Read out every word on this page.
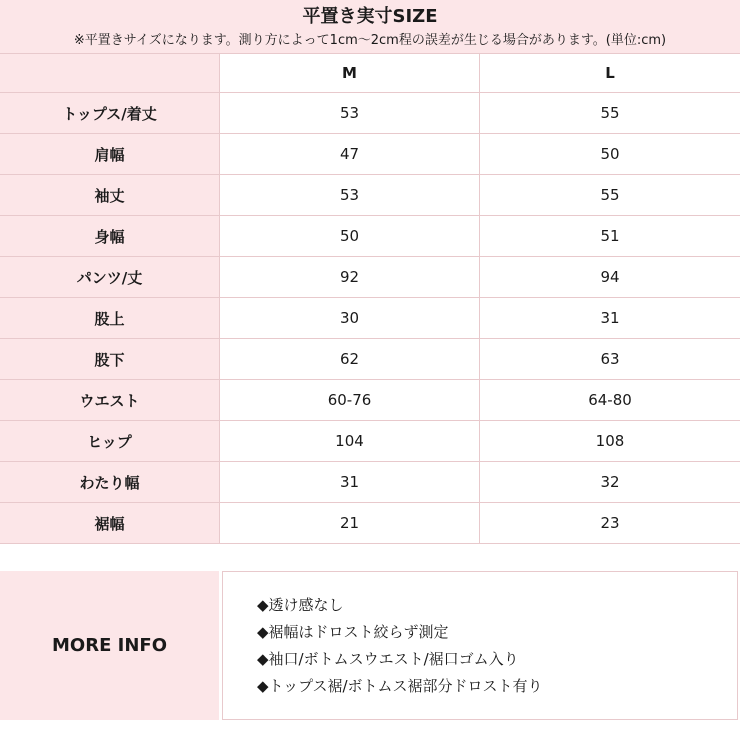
平置き実寸SIZE
※平置きサイズになります。測り方によって1cm〜2cm程の誤差が生じる場合があります。(単位:cm)
	M	L
トップス/着丈	53	55
肩幅	47	50
袖丈	53	55
身幅	50	51
パンツ/丈	92	94
股上	30	31
股下	62	63
ウエスト	60-76	64-80
ヒップ	104	108
わたり幅	31	32
裾幅	21	23
MORE INFO
◆透け感なし
◆裾幅はドロスト絞らず測定
◆袖口/ボトムスウエスト/裾口ゴム入り
◆トップス裾/ボトムス裾部分ドロスト有り
